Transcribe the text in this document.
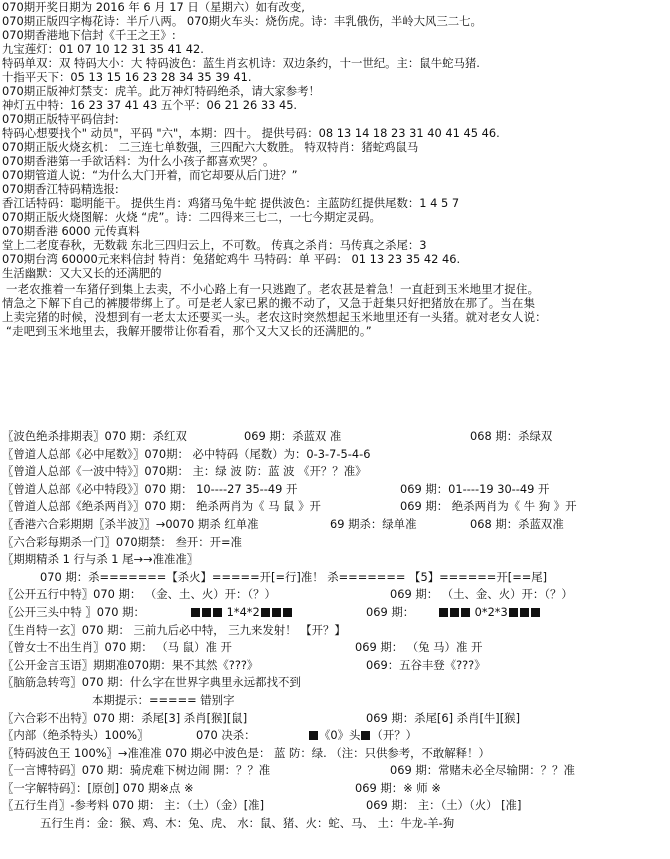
070期开奖日期为 2016 年 6 月 17 日（星期六）如有改变,
070期正版四字梅花诗：半斤八两。 070期火车头：烧伤虎。诗：丰乳俄伤，半岭大风三二七。
070期香港地下信封《千王之王》:
九宝莲灯：01 07 10 12 31 35 41 42.
特码单双：双 特码大小：大 特码波色：蓝生肖玄机诗：双边条约，十一世纪。主：鼠牛蛇马猪.
十指平天下：05 13 15 16 23 28 34 35 39 41.
070期正版神灯禁支：虎羊。此万神灯特码绝杀，请大家参考！
神灯五中特：16 23 37 41 43 五个平：06 21 26 33 45.
070期正版特平码信封:
特码心想要找个" 动员"，平码 "六"，本期：四十。 提供号码：08 13 14 18 23 31 40 41 45 46.
070期正版火烧玄机： 二三连七单数强，三四配六大数胜。 特双特肖：猪蛇鸡鼠马
070期香港第一手欲话料：为什么小孩子都喜欢哭？。
070期管道人说：“为什么大门开着，而它却要从后门进？”
070期香江特码精选报:
香江话特码：聪明能干。 提供生肖：鸡猪马兔牛蛇 提供波色：主蓝防红提供尾数：1 4 5 7
070期正版火烧图解：火烧 “虎”。诗：二四得来三七二，一七今期定灵码。
070期香港 6000 元传真料
堂上二老度春秋，无数载 东北三四归云上，不可数。 传真之杀肖：马传真之杀尾：3
070期台湾 60000元来料信封 特肖：兔猪蛇鸡牛 马特码：单 平码： 01 13 23 35 42 46.
生活幽默：又大又长的还满肥的
一老农推着一车猪仔到集上去卖，不小心路上有一只逃跑了。老农甚是着急！一直赶到玉米地里才捉住。
情急之下解下自己的裤腰带绑上了。可是老人家已累的搬不动了，又急于赶集只好把猪放在那了。当在集
上卖完猪的时候，没想到有一老太太还要买一头。老农这时突然想起玉米地里还有一头猪。就对老女人说：
“走吧到玉米地里去，我解开腰带让你看看，那个又大又长的还满肥的。”
〖波色绝杀排期表〗070 期：杀红双	069 期：杀蓝双 准	068 期：杀绿双
〖曾道人总部《必中尾数》〗070期： 必中特码（尾数）为：0-3-7-5-4-6
〖曾道人总部《一波中特》〗070期： 主：绿 波 防：蓝 波 《开？？准》
〖曾道人总部《必中特段》〗070 期： 10----27 35--49 开	069 期：01----19 30--49 开
〖曾道人总部《绝杀两肖》〗070 期： 绝杀两肖为《 马 鼠 》开	069 期： 绝杀两肖为《 牛 狗 》开
〖香港六合彩期期〖杀半波〗〗→0070 期杀 红单准	69 期杀：绿单准	068 期：杀蓝双准
〖六合彩每期杀一门〗070期禁： 叁开：开=准
〖期期精杀 1 行与杀 1 尾→→准准准〗
070 期：杀=======【杀火】=====开[=行]准！ 杀======= 【5】======开[==尾]
〖公开五行中特〗070 期： （金、土、火）开：（？）	069 期： （土、金、火）开：（？）
〖公开三头中特 〗070 期：	1*4*2	069 期：	0*2*3
〖生肖特一玄〗070 期： 三前九后必中特， 三九来发射！ 【开？】
〖曾女士不出生肖〗070 期： （马 鼠）准 开	069 期： （兔 马）准 开
〖公开金言玉语〗期期准070期：果不其然《???》	069：五谷丰登《???》
〖脑筋急转弯〗070 期：什么字在世界字典里永远都找不到
本期提示：===== 错别字
〖六合彩不出特〗070 期：杀尾[3] 杀肖[猴][鼠]	069 期：杀尾[6] 杀肖[牛][猴]
〖内部（绝杀特头）100%〗	070 决杀：	《0》头 （开？）
〖特码波色王 100%〗→准准准 070 期必中波色是： 蓝 防：绿. （注：只供参考，不敢解释！）
〖一言博特码〗070 期：骑虎难下树边闹 開：？？准	069 期：常赌未必全尽输開：？？准
〖一字解特码〗：[原创] 070 期※点 ※	069 期：※ 师 ※
〖五行生肖〗-参考料 070 期： 主：（土）（金）[准]	069 期： 主：（土）（火） [准]
五行生肖：金：猴、鸡、木：兔、虎、 水：鼠、猪、火：蛇、马、 土：牛龙-羊-狗
